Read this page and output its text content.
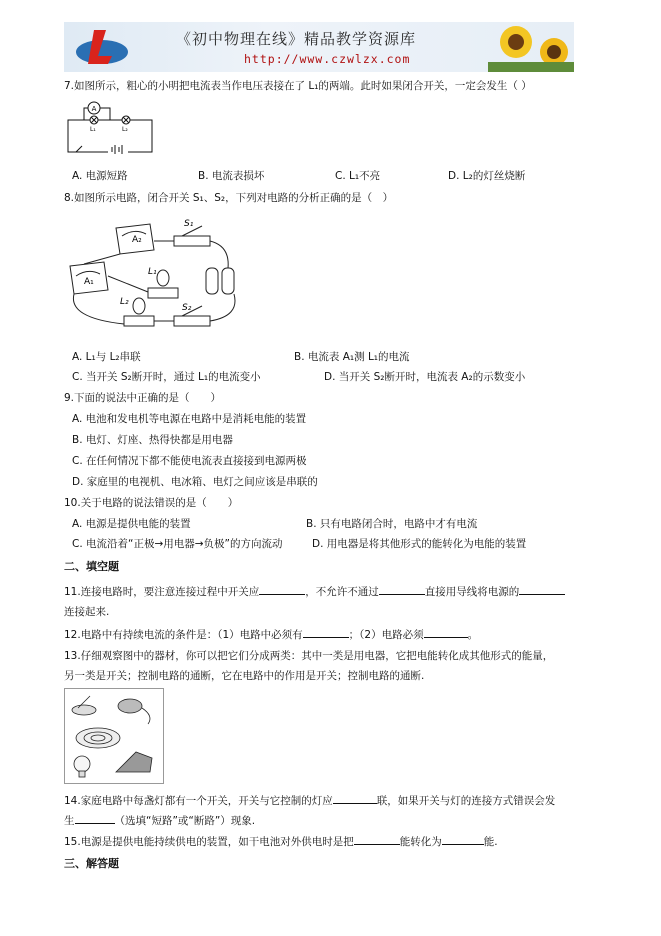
《初中物理在线》精品教学资源库
http://www.czwlzx.com
7.如图所示，粗心的小明把电流表当作电压表接在了 L₁的两端。此时如果闭合开关，一定会发生（ ）
A
L₁	L₂
A. 电源短路	B. 电流表损坏	C. L₁不亮	D. L₂的灯丝烧断
8.如图所示电路，闭合开关 S₁、S₂，下列对电路的分析正确的是（　）
S₁
A₂
L₁
A₁
L₂
S₂
A. L₁与 L₂串联	B. 电流表 A₁测 L₁的电流
C. 当开关 S₂断开时，通过 L₁的电流变小	D. 当开关 S₂断开时，电流表 A₂的示数变小
9.下面的说法中正确的是（　　）
A. 电池和发电机等电源在电路中是消耗电能的装置
B. 电灯、灯座、热得快都是用电器
C. 在任何情况下都不能使电流表直接接到电源两极
D. 家庭里的电视机、电冰箱、电灯之间应该是串联的
10.关于电路的说法错误的是（　　）
A. 电源是提供电能的装置	B. 只有电路闭合时，电路中才有电流
C. 电流沿着“正极→用电器→负极”的方向流动	D. 用电器是将其他形式的能转化为电能的装置
二、填空题
11.连接电路时，要注意连接过程中开关应	，不允许不通过	直接用导线将电源的
连接起来.
12.电路中有持续电流的条件是：（1）电路中必须有	；（2）电路必须	。
13.仔细观察图中的器材，你可以把它们分成两类：其中一类是用电器，它把电能转化成其他形式的能量，
另一类是开关；控制电路的通断，它在电路中的作用是开关；控制电路的通断.
14.家庭电路中每盏灯都有一个开关，开关与它控制的灯应	联，如果开关与灯的连接方式错误会发
生	（选填“短路”或“断路”）现象.
15.电源是提供电能持续供电的装置，如干电池对外供电时是把	能转化为	能.
三、解答题
